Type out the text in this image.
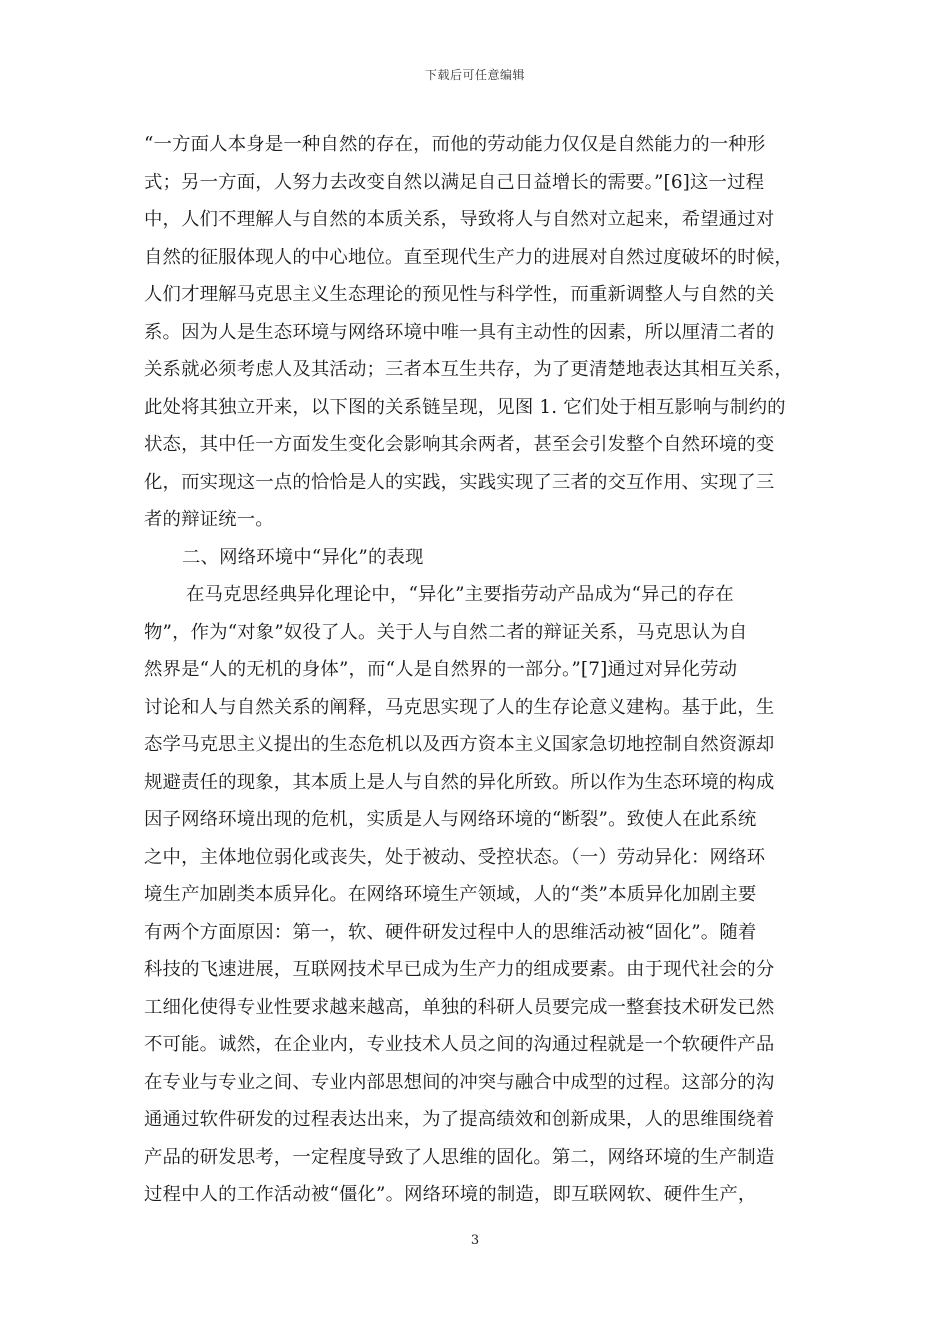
下载后可任意编辑
“一方面人本身是一种自然的存在，而他的劳动能力仅仅是自然能力的一种形
式；另一方面，人努力去改变自然以满足自己日益增长的需要。”[6]这一过程
中，人们不理解人与自然的本质关系，导致将人与自然对立起来，希望通过对
自然的征服体现人的中心地位。直至现代生产力的进展对自然过度破坏的时候，
人们才理解马克思主义生态理论的预见性与科学性，而重新调整人与自然的关
系。因为人是生态环境与网络环境中唯一具有主动性的因素，所以厘清二者的
关系就必须考虑人及其活动；三者本互生共存，为了更清楚地表达其相互关系，
此处将其独立开来，以下图的关系链呈现，见图 1. 它们处于相互影响与制约的
状态，其中任一方面发生变化会影响其余两者，甚至会引发整个自然环境的变
化，而实现这一点的恰恰是人的实践，实践实现了三者的交互作用、实现了三
者的辩证统一。
二、网络环境中“异化”的表现
在马克思经典异化理论中，“异化”主要指劳动产品成为“异己的存在
物”，作为“对象”奴役了人。关于人与自然二者的辩证关系，马克思认为自
然界是“人的无机的身体”，而“人是自然界的一部分。”[7]通过对异化劳动
讨论和人与自然关系的阐释，马克思实现了人的生存论意义建构。基于此，生
态学马克思主义提出的生态危机以及西方资本主义国家急切地控制自然资源却
规避责任的现象，其本质上是人与自然的异化所致。所以作为生态环境的构成
因子网络环境出现的危机，实质是人与网络环境的“断裂”。致使人在此系统
之中，主体地位弱化或丧失，处于被动、受控状态。（一）劳动异化：网络环
境生产加剧类本质异化。在网络环境生产领域，人的“类”本质异化加剧主要
有两个方面原因：第一，软、硬件研发过程中人的思维活动被“固化”。随着
科技的飞速进展，互联网技术早已成为生产力的组成要素。由于现代社会的分
工细化使得专业性要求越来越高，单独的科研人员要完成一整套技术研发已然
不可能。诚然，在企业内，专业技术人员之间的沟通过程就是一个软硬件产品
在专业与专业之间、专业内部思想间的冲突与融合中成型的过程。这部分的沟
通通过软件研发的过程表达出来，为了提高绩效和创新成果，人的思维围绕着
产品的研发思考，一定程度导致了人思维的固化。第二，网络环境的生产制造
过程中人的工作活动被“僵化”。网络环境的制造，即互联网软、硬件生产，
3
